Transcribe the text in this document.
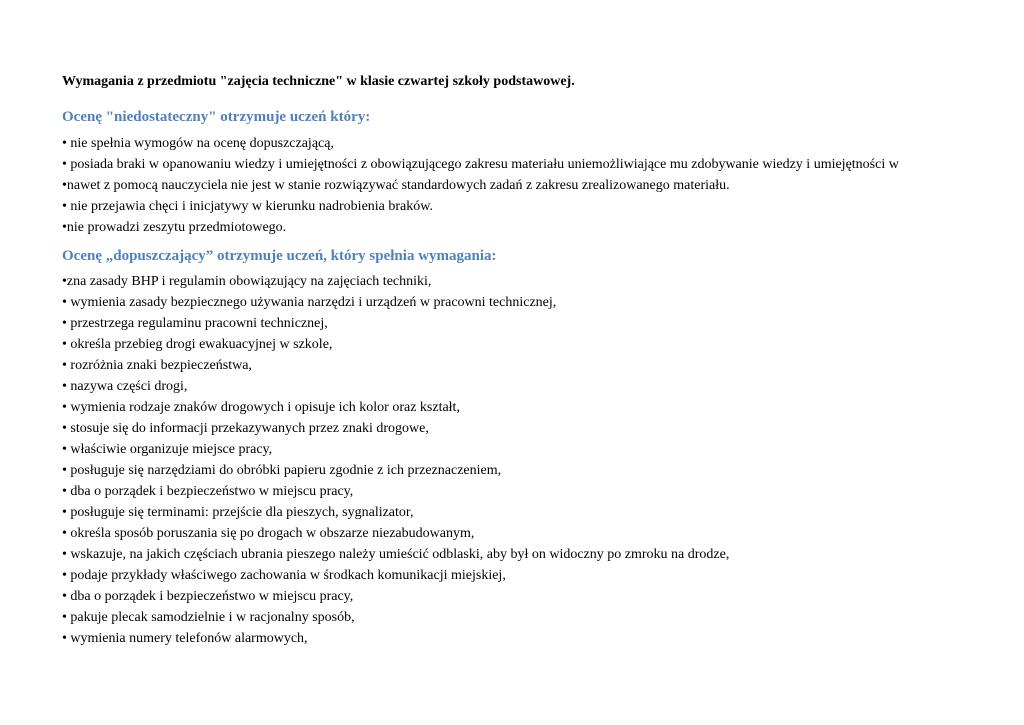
Wymagania z przedmiotu "zajęcia techniczne" w klasie czwartej szkoły podstawowej.
Ocenę "niedostateczny" otrzymuje uczeń który:
• nie spełnia wymogów na ocenę dopuszczającą,
• posiada braki w opanowaniu wiedzy i umiejętności z obowiązującego zakresu materiału uniemożliwiające mu zdobywanie wiedzy i umiejętności w
•nawet z pomocą nauczyciela nie jest w stanie rozwiązywać standardowych zadań z zakresu zrealizowanego materiału.
• nie przejawia chęci i inicjatywy w kierunku nadrobienia braków.
•nie prowadzi zeszytu przedmiotowego.
Ocenę „dopuszczający” otrzymuje uczeń, który spełnia wymagania:
•zna zasady BHP i regulamin obowiązujący na zajęciach techniki,
• wymienia zasady bezpiecznego używania narzędzi i urządzeń w pracowni technicznej,
• przestrzega regulaminu pracowni technicznej,
• określa przebieg drogi ewakuacyjnej w szkole,
• rozróżnia znaki bezpieczeństwa,
• nazywa części drogi,
• wymienia rodzaje znaków drogowych i opisuje ich kolor oraz kształt,
• stosuje się do informacji przekazywanych przez znaki drogowe,
• właściwie organizuje miejsce pracy,
• posługuje się narzędziami do obróbki papieru zgodnie z ich przeznaczeniem,
• dba o porządek i bezpieczeństwo w miejscu pracy,
• posługuje się terminami: przejście dla pieszych, sygnalizator,
• określa sposób poruszania się po drogach w obszarze niezabudowanym,
• wskazuje, na jakich częściach ubrania pieszego należy umieścić odblaski, aby był on widoczny po zmroku na drodze,
• podaje przykłady właściwego zachowania w środkach komunikacji miejskiej,
• dba o porządek i bezpieczeństwo w miejscu pracy,
• pakuje plecak samodzielnie i w racjonalny sposób,
• wymienia numery telefonów alarmowych,
